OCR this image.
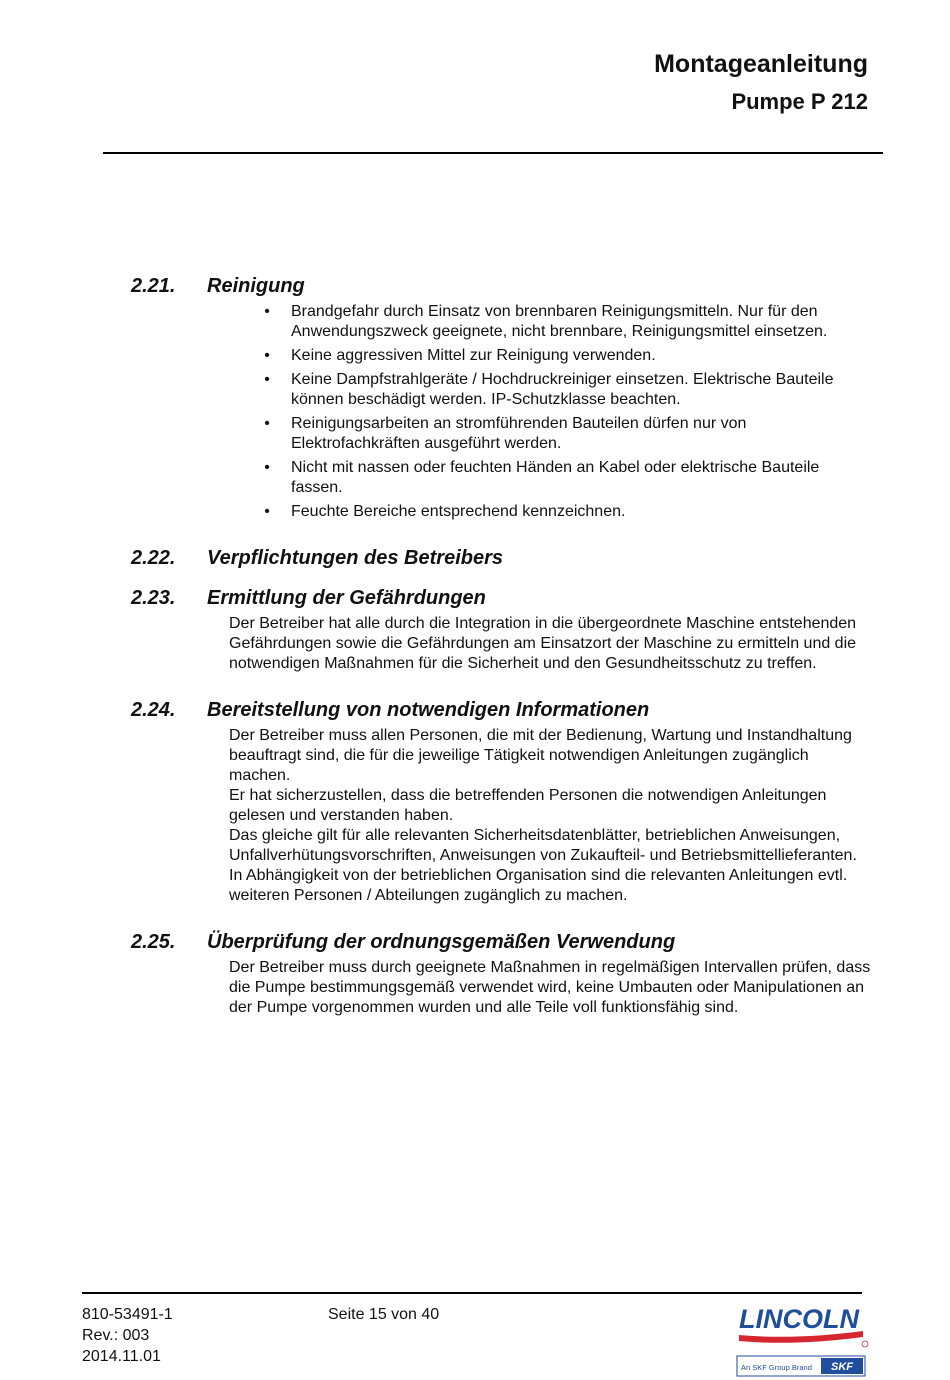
Montageanleitung
Pumpe P 212
2.21.	Reinigung
• Brandgefahr durch Einsatz von brennbaren Reinigungsmitteln. Nur für den Anwendungszweck geeignete, nicht brennbare, Reinigungsmittel einsetzen.
• Keine aggressiven Mittel zur Reinigung verwenden.
• Keine Dampfstrahlgeräte / Hochdruckreiniger einsetzen. Elektrische Bauteile können beschädigt werden. IP-Schutzklasse beachten.
• Reinigungsarbeiten an stromführenden Bauteilen dürfen nur von Elektrofachkräften ausgeführt werden.
• Nicht mit nassen oder feuchten Händen an Kabel oder elektrische Bauteile fassen.
• Feuchte Bereiche entsprechend kennzeichnen.
2.22.	Verpflichtungen des Betreibers
2.23.	Ermittlung der Gefährdungen

Der Betreiber hat alle durch die Integration in die übergeordnete Maschine entstehenden Gefährdungen sowie die Gefährdungen am Einsatzort der Maschine zu ermitteln und die notwendigen Maßnahmen für die Sicherheit und den Gesundheitsschutz zu treffen.

2.24.	Bereitstellung von notwendigen Informationen

Der Betreiber muss allen Personen, die mit der Bedienung, Wartung und Instandhaltung beauftragt sind, die für die jeweilige Tätigkeit notwendigen Anleitungen zugänglich machen.

Er hat sicherzustellen, dass die betreffenden Personen die notwendigen Anleitungen gelesen und verstanden haben.

Das gleiche gilt für alle relevanten Sicherheitsdatenblätter, betrieblichen Anweisungen, Unfallverhütungsvorschriften, Anweisungen von Zukaufteil- und Betriebsmittellieferanten.

In Abhängigkeit von der betrieblichen Organisation sind die relevanten Anleitungen evtl. weiteren Personen / Abteilungen zugänglich zu machen.

2.25.	Überprüfung der ordnungsgemäßen Verwendung

Der Betreiber muss durch geeignete Maßnahmen in regelmäßigen Intervallen prüfen, dass die Pumpe bestimmungsgemäß verwendet wird, keine Umbauten oder Manipulationen an der Pumpe vorgenommen wurden und alle Teile voll funktionsfähig sind.

810-53491-1
Rev.: 003
2014.11.01
Seite 15 von 40	LINCOLN
An SKF Group Brand SKF
